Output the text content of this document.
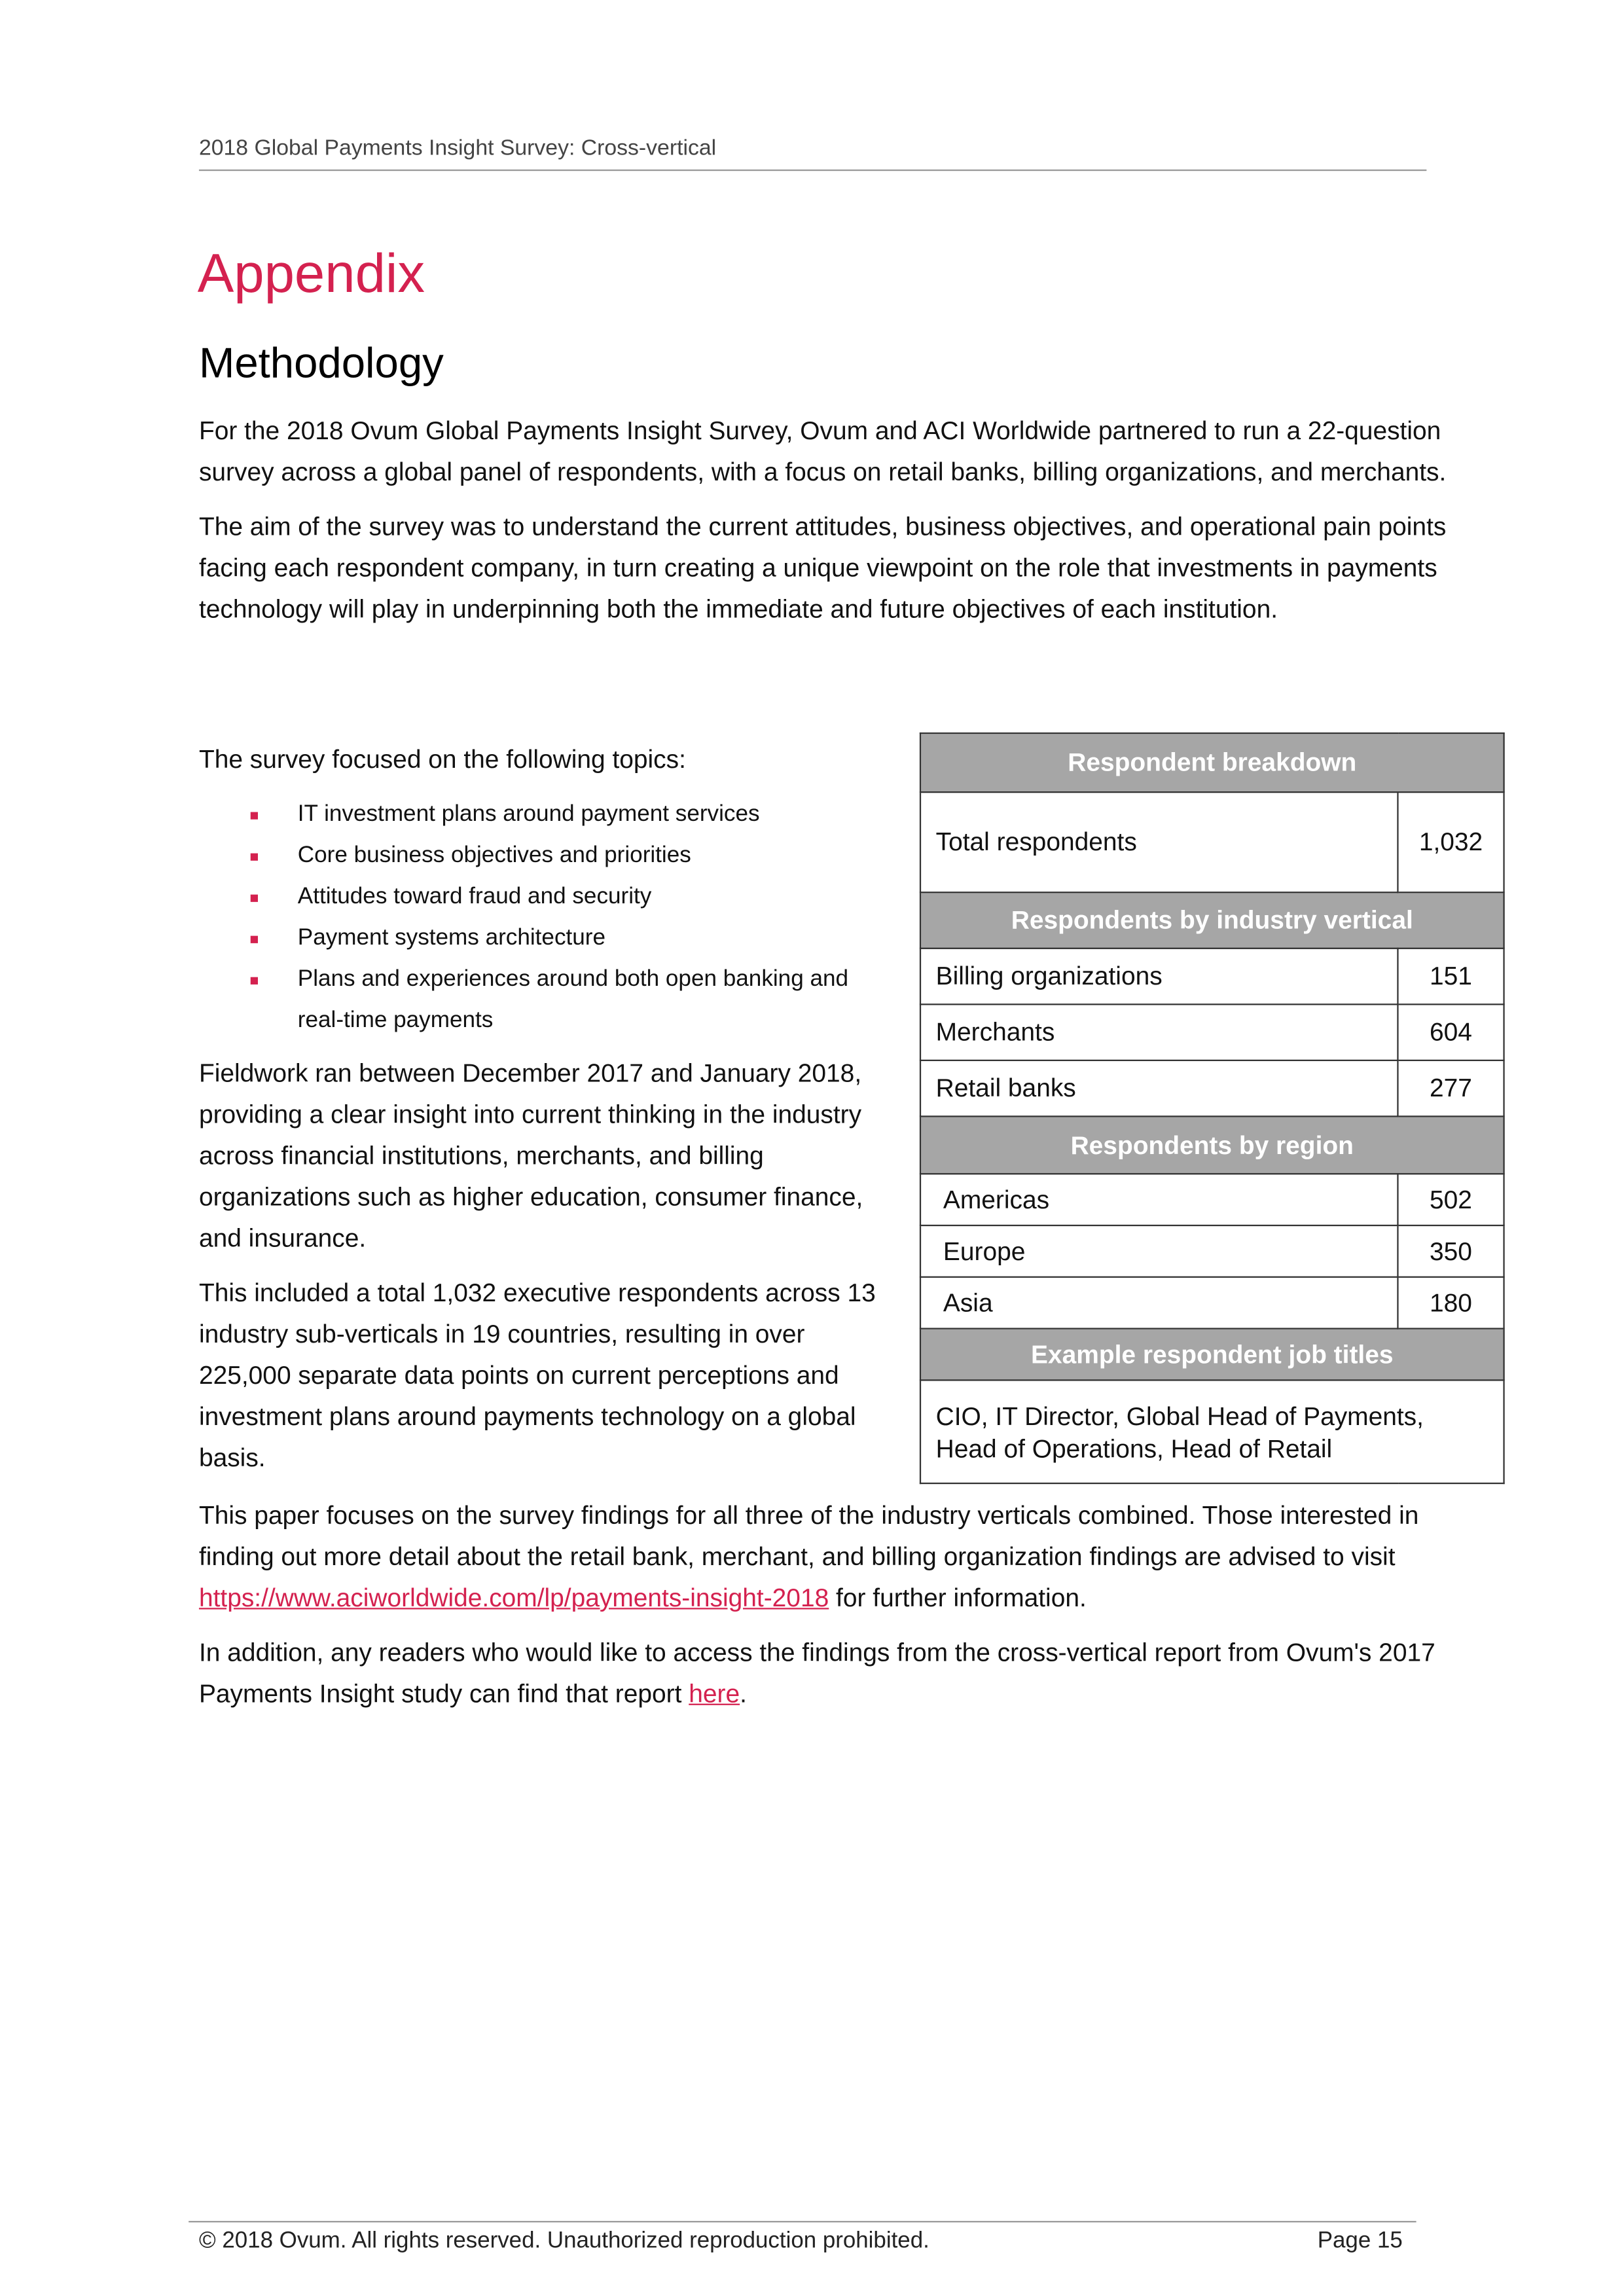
2018 Global Payments Insight Survey: Cross-vertical
Appendix
Methodology

For the 2018 Ovum Global Payments Insight Survey, Ovum and ACI Worldwide partnered to run a 22-question survey across a global panel of respondents, with a focus on retail banks, billing organizations, and merchants.

The aim of the survey was to understand the current attitudes, business objectives, and operational pain points facing each respondent company, in turn creating a unique viewpoint on the role that investments in payments technology will play in underpinning both the immediate and future objectives of each institution.

The survey focused on the following topics:

IT investment plans around payment services
Core business objectives and priorities
Attitudes toward fraud and security
Payment systems architecture
Plans and experiences around both open banking and real-time payments

Fieldwork ran between December 2017 and January 2018, providing a clear insight into current thinking in the industry across financial institutions, merchants, and billing organizations such as higher education, consumer finance, and insurance.

This included a total 1,032 executive respondents across 13 industry sub-verticals in 19 countries, resulting in over 225,000 separate data points on current perceptions and investment plans around payments technology on a global basis.

Respondent breakdown	
Total respondents	1,032
Respondents by industry vertical	
Billing organizations	151
Merchants	604
Retail banks	277
Respondents by region	
Americas	502
Europe	350
Asia	180
Example respondent job titles	
CIO, IT Director, Global Head of Payments, Head of Operations, Head of Retail	

This paper focuses on the survey findings for all three of the industry verticals combined. Those interested in finding out more detail about the retail bank, merchant, and billing organization findings are advised to visit https://www.aciworldwide.com/lp/payments-insight-2018 for further information.

In addition, any readers who would like to access the findings from the cross-vertical report from Ovum's 2017 Payments Insight study can find that report here.

© 2018 Ovum. All rights reserved. Unauthorized reproduction prohibited.	Page 15
